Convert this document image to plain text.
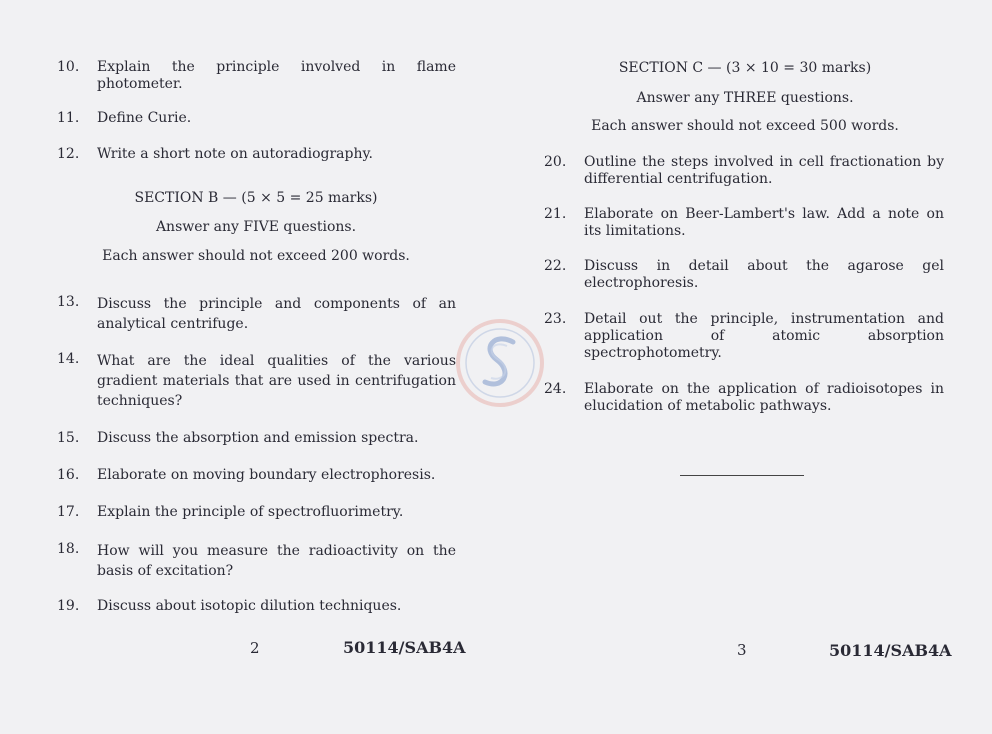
10.	Explain the principle involved in flame photometer.
11.	Define Curie.
12.	Write a short note on autoradiography.
SECTION B — (5 × 5 = 25 marks)
Answer any FIVE questions.
Each answer should not exceed 200 words.
13.	Discuss the principle and components of an analytical centrifuge.
14.	What are the ideal qualities of the various gradient materials that are used in centrifugation techniques?
15.	Discuss the absorption and emission spectra.
16.	Elaborate on moving boundary electrophoresis.
17.	Explain the principle of spectrofluorimetry.
18.	How will you measure the radioactivity on the basis of excitation?
19.	Discuss about isotopic dilution techniques.
2	50114/SAB4A
SECTION C — (3 × 10 = 30 marks)
Answer any THREE questions.
Each answer should not exceed 500 words.
20.	Outline the steps involved in cell fractionation by differential centrifugation.
21.	Elaborate on Beer-Lambert's law. Add a note on its limitations.
22.	Discuss in detail about the agarose gel electrophoresis.
23.	Detail out the principle, instrumentation and application of atomic absorption spectrophotometry.
24.	Elaborate on the application of radioisotopes in elucidation of metabolic pathways.
3	50114/SAB4A
